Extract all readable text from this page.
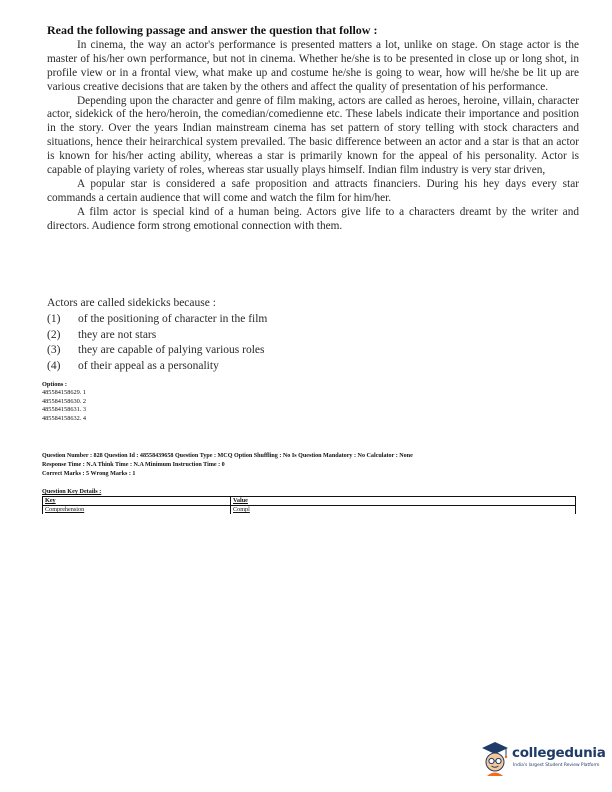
Read the following passage and answer the question that follow :

In cinema, the way an actor's performance is presented matters a lot, unlike on stage. On stage actor is the master of his/her own performance, but not in cinema. Whether he/she is to be presented in close up or long shot, in profile view or in a frontal view, what make up and costume he/she is going to wear, how will he/she be lit up are various creative decisions that are taken by the others and affect the quality of presentation of his performance.

Depending upon the character and genre of film making, actors are called as heroes, heroine, villain, character actor, sidekick of the hero/heroin, the comedian/comedienne etc. These labels indicate their importance and position in the story. Over the years Indian mainstream cinema has set pattern of story telling with stock characters and situations, hence their heirarchical system prevailed. The basic difference between an actor and a star is that an actor is known for his/her acting ability, whereas a star is primarily known for the appeal of his personality. Actor is capable of playing variety of roles, whereas star usually plays himself. Indian film industry is very star driven,

A popular star is considered a safe proposition and attracts financiers. During his hey days every star commands a certain audience that will come and watch the film for him/her.

A film actor is special kind of a human being. Actors give life to a characters dreamt by the writer and directors. Audience form strong emotional connection with them.

Actors are called sidekicks because :

(1)	of the positioning of character in the film
(2)	they are not stars
(3)	they are capable of palying various roles
(4)	of their appeal as a personality
Options :
485584158629. 1
485584158630. 2
485584158631. 3
485584158632. 4
Question Number : 828 Question Id : 48558439658 Question Type : MCQ Option Shuffling : No Is Question Mandatory : No Calculator : None
Response Time : N.A Think Time : N.A Minimum Instruction Time : 0
Correct Marks : 5 Wrong Marks : 1
Question Key Details :
Key	Value
Comprehension	Compl
collegedunia
India's largest Student Review Platform
